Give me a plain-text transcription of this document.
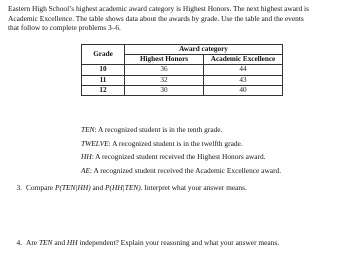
Eastern High School’s highest academic award category is Highest Honors. The next highest award is
Academic Excellence. The table shows data about the awards by grade. Use the table and the events
that follow to complete problems 3–6.
Grade	Award category	
	Highest Honors	Academic Excellence
10	36	44
11	32	43
12	30	40
TEN: A recognized student is in the tenth grade.
TWELVE: A recognized student is in the twelfth grade.
HH: A recognized student received the Highest Honors award.
AE: A recognized student received the Academic Excellence award.
3. Compare P(TEN|HH) and P(HH|TEN). Interpret what your answer means.
4. Are TEN and HH independent? Explain your reasoning and what your answer means.
